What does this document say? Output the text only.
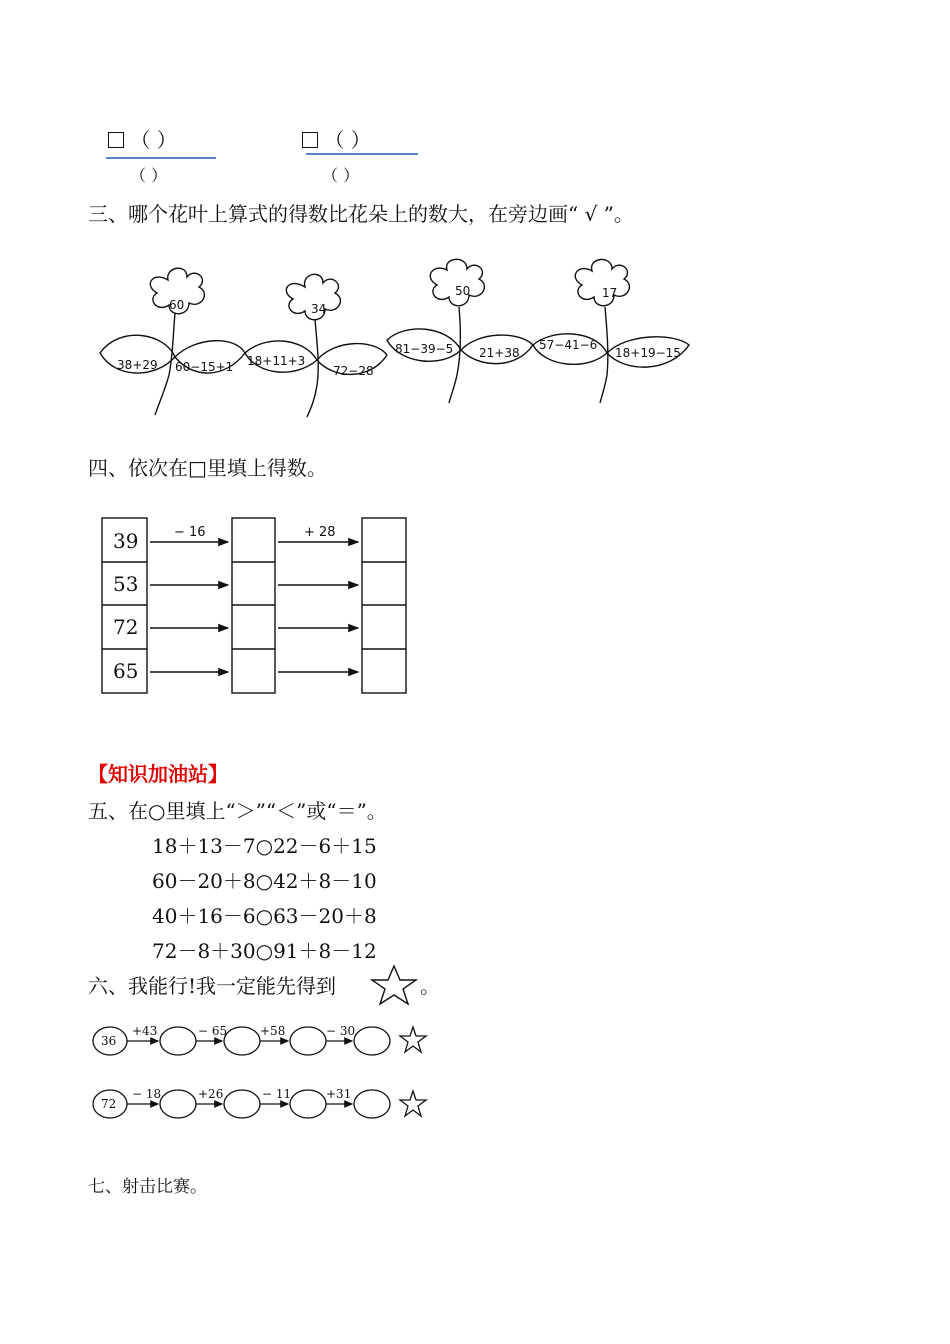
（ ）
（ ）
（ ）
（ ）
三、哪个花叶上算式的得数比花朵上的数大，在旁边画“ √ ”。
60
38+29 60−15+1
34
18+11+3
72−28
50
81−39−5 21+38
17
57−41−6
18+19−15
四、依次在□里填上得数。
− 16	+ 28
39
53
72
65
【知识加油站】
五、在○里填上“＞”“＜”或“＝”。
18＋13－7○22－6＋15
60－20＋8○42＋8－10
40＋16－6○63－20＋8
72－8＋30○91＋8－12
六、我能行!我一定能先得到	。
36
+43	− 65	+58	− 30
72
− 18	+26	− 11	+31
七、射击比赛。
